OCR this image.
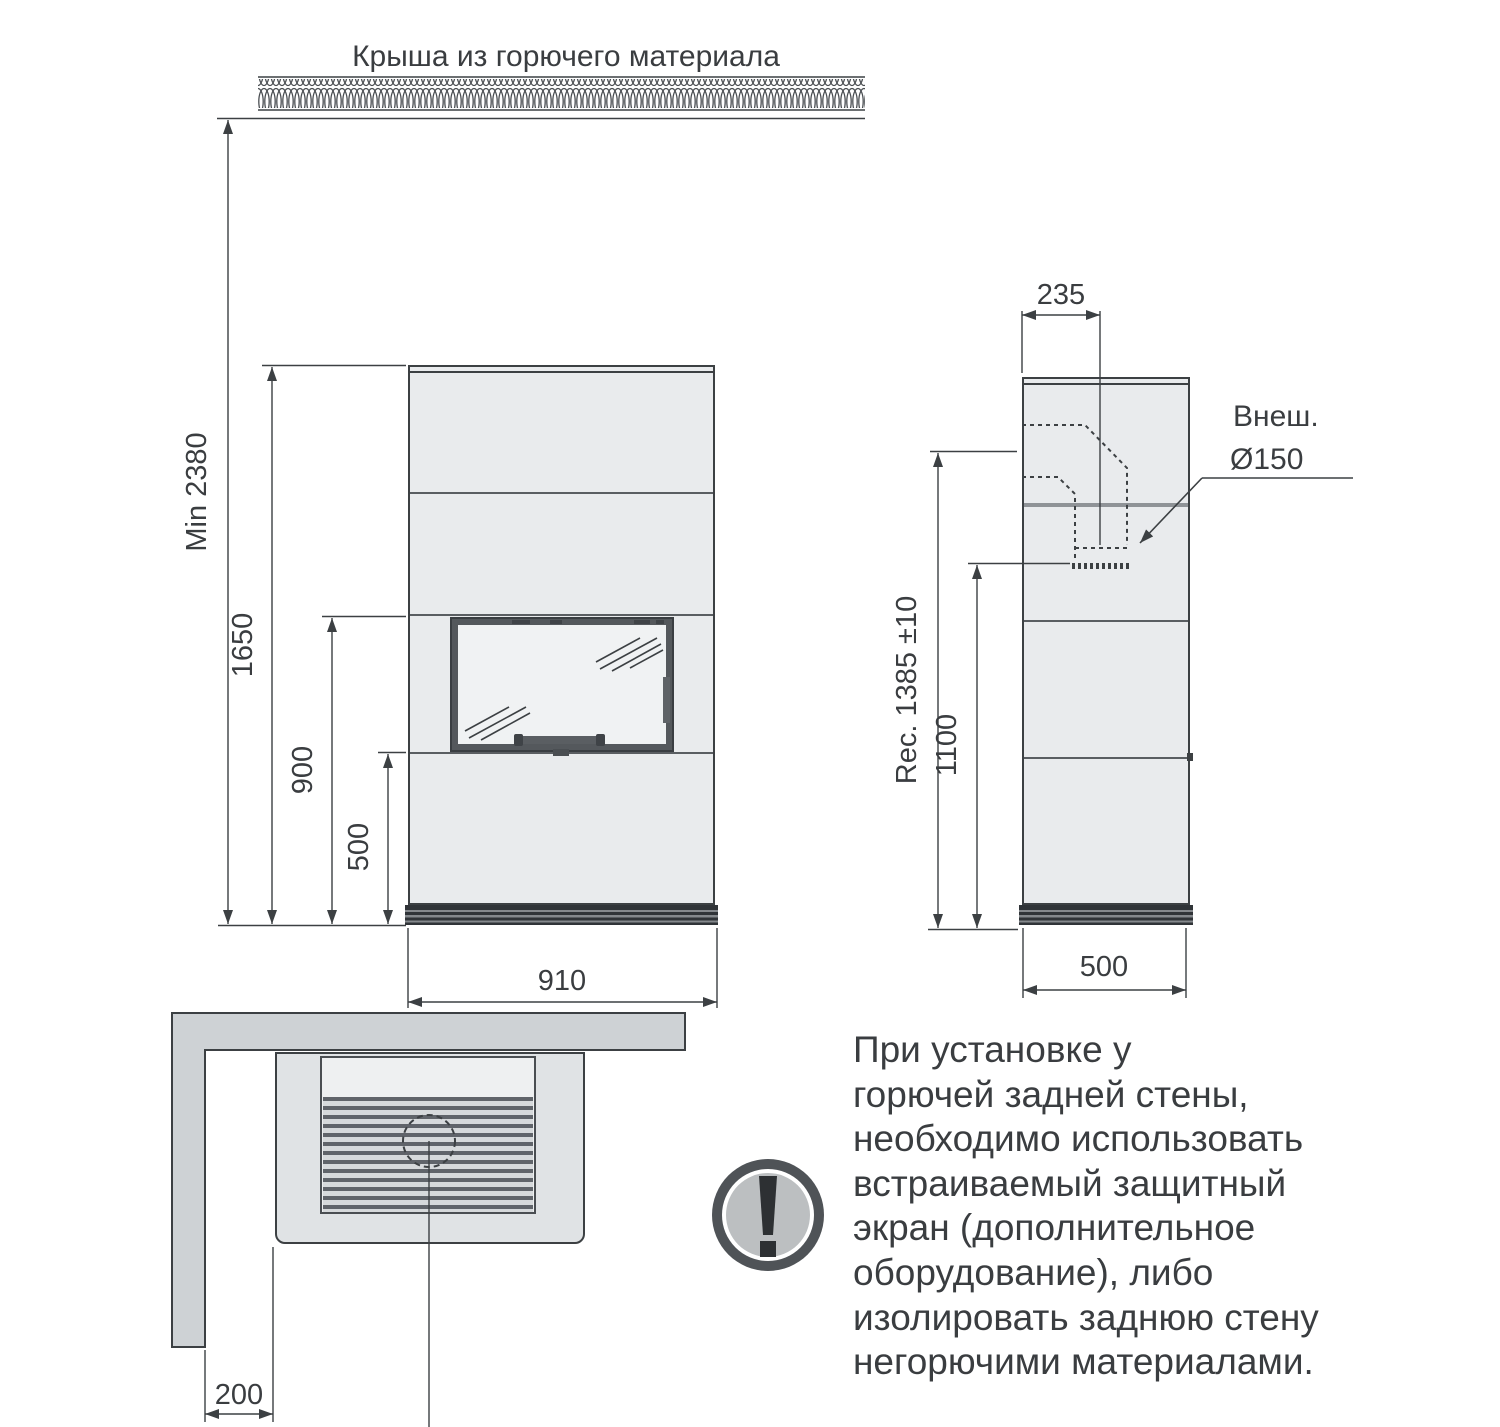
При установке у
горючей задней стены,
необходимо использовать
встраиваемый защитный
экран (дополнительное
оборудование), либо
изолировать заднюю стену
негорючими материалами.
Крыша из горючего материала
Min 2380
1650
900
500
910
Внеш.
Ø150
235
Rec. 1385 ±10 1100
500
200
